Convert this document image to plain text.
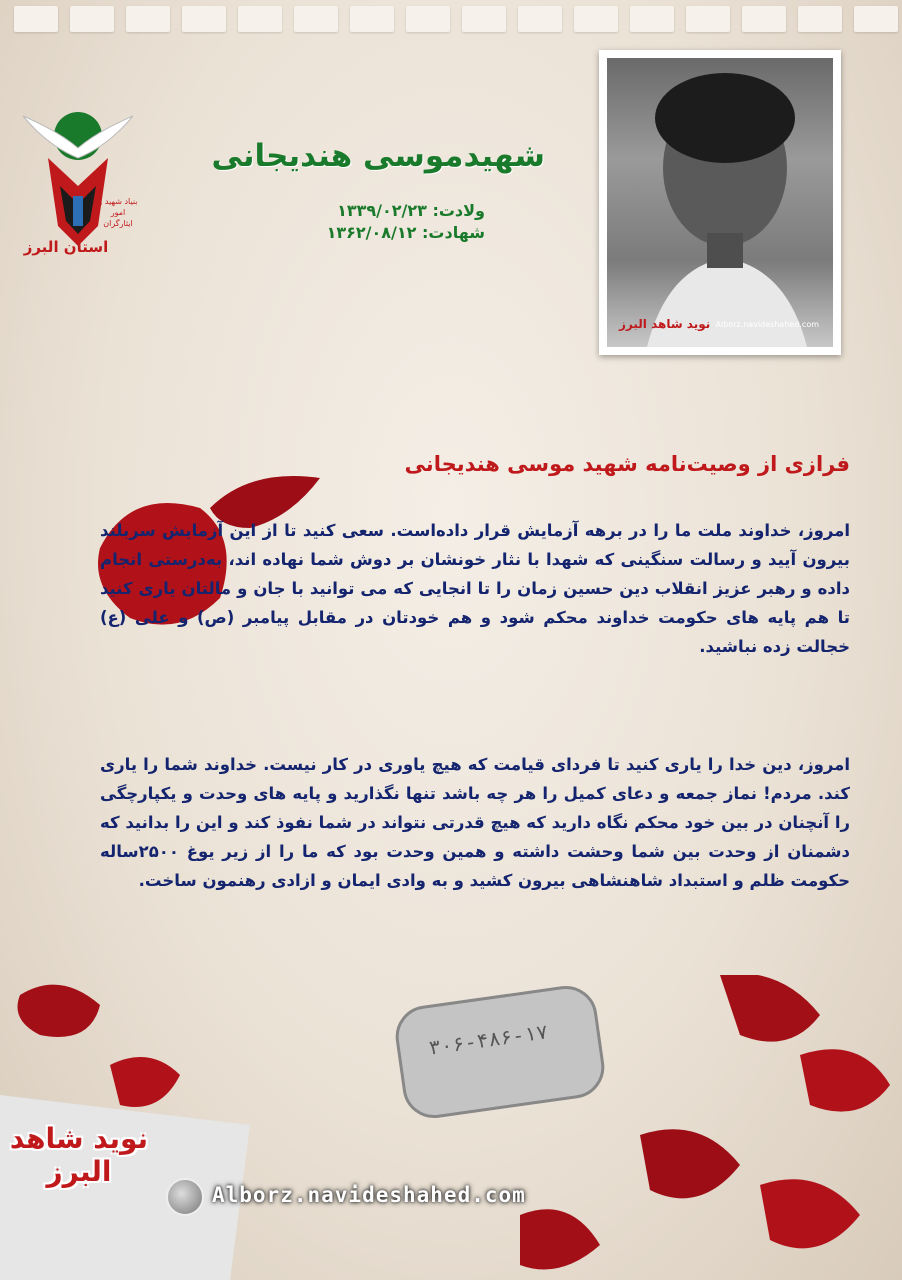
بنیاد شهید و امور ایثارگران
استان البرز
شهیدموسی هندیجانی
ولادت: ۱۳۳۹/۰۲/۲۳
شهادت: ۱۳۶۲/۰۸/۱۲
نوید شاهد البرز Alborz.navideshahed.com
فرازی از وصیت‌نامه شهید موسی هندیجانی
امروز، خداوند ملت ما را در برهه آزمایش قرار داده‌است. سعی کنید تا از این آزمایش سربلند بیرون آیید و رسالت سنگینی که شهدا با نثار خونشان بر دوش شما نهاده اند، به‌درستی انجام داده و رهبر عزیز انقلاب دین حسین زمان را تا انجایی که می توانید با جان و مالتان یاری کنید تا هم پایه های حکومت خداوند محکم شود و هم خودتان در مقابل پیامبر (ص) و علی (ع) خجالت زده نباشید.
امروز، دین خدا را یاری کنید تا فردای قیامت که هیچ یاوری در کار نیست. خداوند شما را یاری کند. مردم! نماز جمعه و دعای کمیل را هر چه باشد تنها نگذارید و پایه های وحدت و یکپارچگی را آنچنان در بین خود محکم نگاه دارید که هیچ قدرتی نتواند در شما نفوذ کند و این را بدانید که دشمنان از وحدت بین شما وحشت داشته و همین وحدت بود که ما را از زیر یوغ ۲۵۰۰ساله حکومت ظلم و استبداد شاهنشاهی بیرون کشید و به وادی ایمان و ازادی رهنمون ساخت.
۳۰۶-۴۸۶-۱۷
نوید شاهد البرز
Alborz.navideshahed.com
